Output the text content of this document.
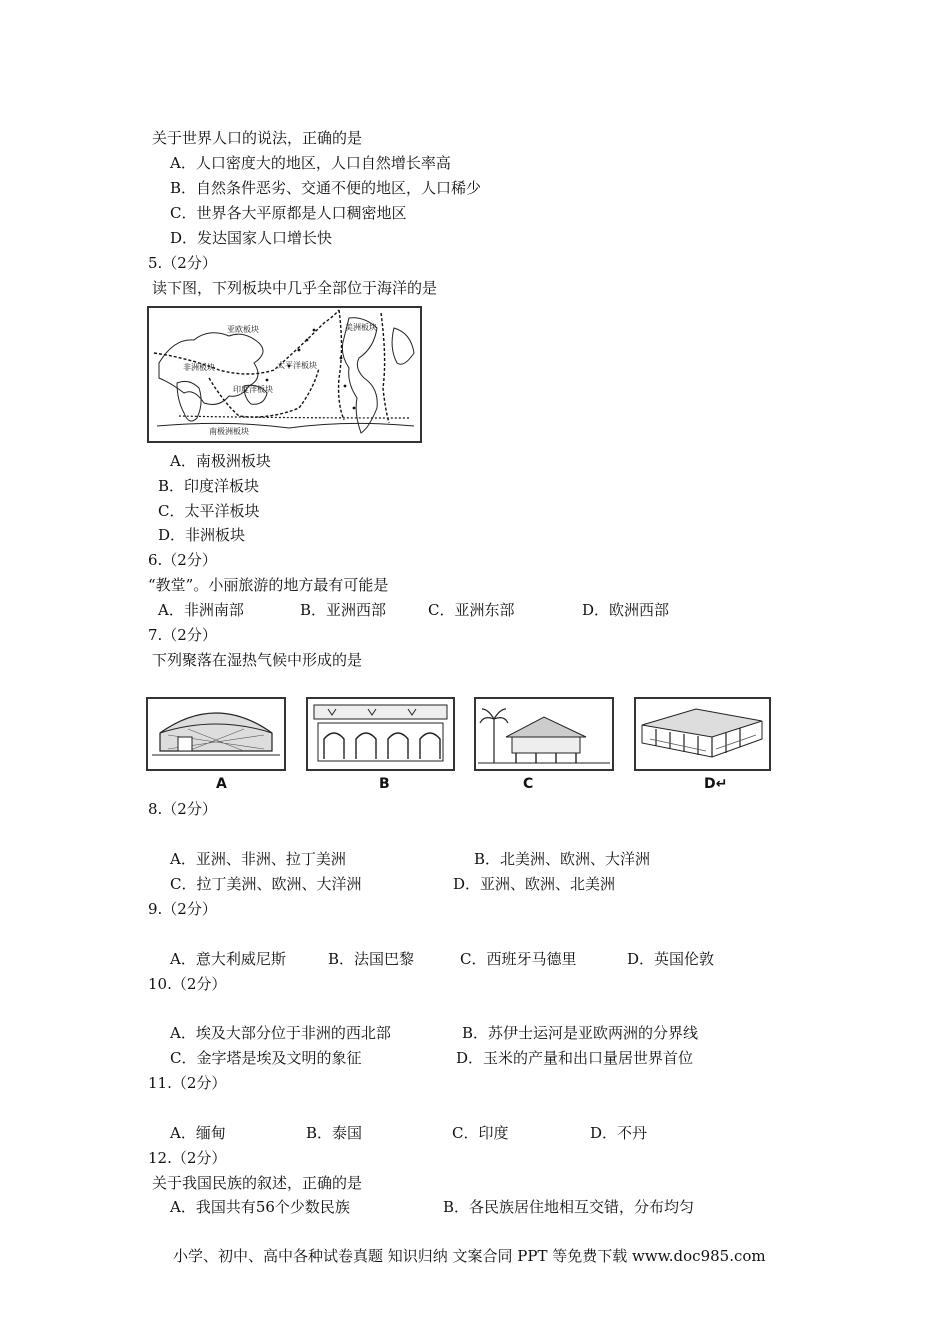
关于世界人口的说法，正确的是
A．人口密度大的地区，人口自然增长率高
B．自然条件恶劣、交通不便的地区，人口稀少
C．世界各大平原都是人口稠密地区
D．发达国家人口增长快
5.（2分）
读下图，下列板块中几乎全部位于海洋的是
亚欧板块	美洲板块
非洲板块	太平洋板块
印度洋板块
南极洲板块
A．南极洲板块
B．印度洋板块
C．太平洋板块
D．非洲板块
6.（2分）
“教堂”。小丽旅游的地方最有可能是
A．非洲南部	B．亚洲西部	C．亚洲东部	D．欧洲西部
7.（2分）
下列聚落在湿热气候中形成的是
A	B	C	D↵
8.（2分）
A．亚洲、非洲、拉丁美洲	B．北美洲、欧洲、大洋洲
C．拉丁美洲、欧洲、大洋洲	D．亚洲、欧洲、北美洲
9.（2分）
A．意大利威尼斯	B．法国巴黎	C．西班牙马德里	D．英国伦敦
10.（2分）
A．埃及大部分位于非洲的西北部	B．苏伊士运河是亚欧两洲的分界线
C．金字塔是埃及文明的象征	D．玉米的产量和出口量居世界首位
11.（2分）
A．缅甸	B．泰国	C．印度	D．不丹
12.（2分）
关于我国民族的叙述，正确的是
A．我国共有56个少数民族	B．各民族居住地相互交错，分布均匀
小学、初中、高中各种试卷真题 知识归纳 文案合同 PPT 等免费下载 www.doc985.com
